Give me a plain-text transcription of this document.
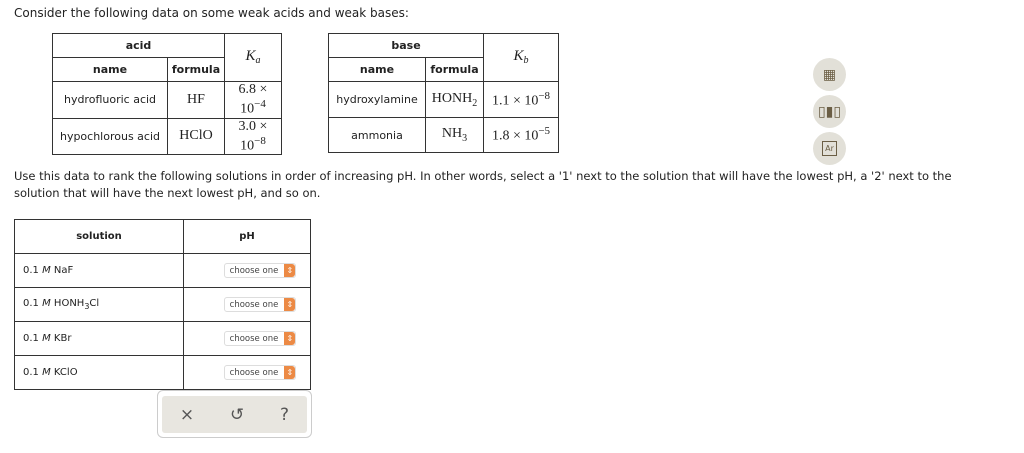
Consider the following data on some weak acids and weak bases:
acid		$K_a$
name	formula	
hydrofluoric acid	HF	$6.8 \times 10^{-4}$
hypochlorous acid	HClO	$3.0 \times 10^{-8}$
base		$K_b$
name	formula	
hydroxylamine	$HONH_2$	$1.1 \times 10^{-8}$
ammonia	$NH_3$	$1.8 \times 10^{-5}$
Use this data to rank the following solutions in order of increasing pH. In other words, select a '1' next to the solution that will have the lowest pH, a '2' next to the solution that will have the next lowest pH, and so on.
▦
▯▮▯
Ar
solution	pH
0.1 M NaF	choose one ⇕

0.1 M $HONH_3Cl$	choose one ⇕

0.1 M KBr	choose one ⇕

0.1 M KClO	choose one ⇕
× ↺ ?
